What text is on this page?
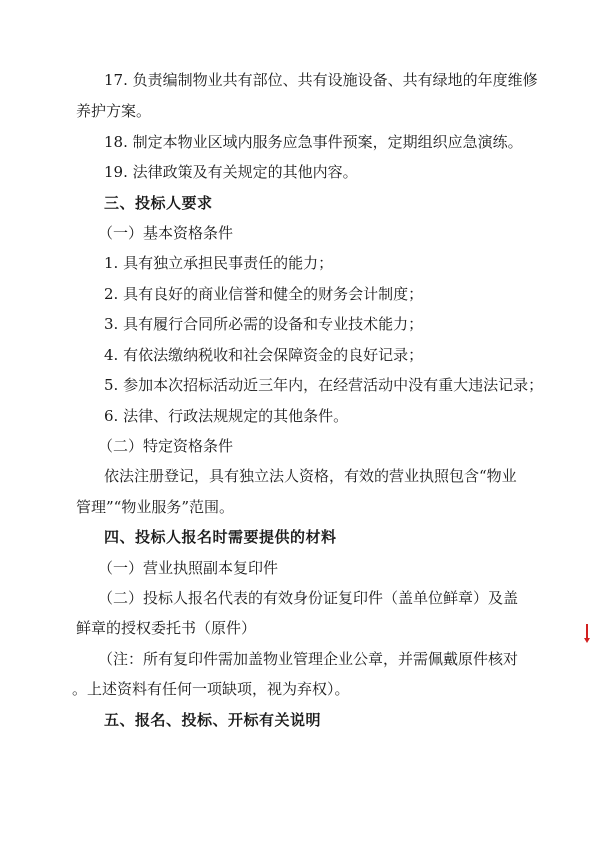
17. 负责编制物业共有部位、共有设施设备、共有绿地的年度维修
养护方案。
18. 制定本物业区域内服务应急事件预案，定期组织应急演练。
19. 法律政策及有关规定的其他内容。
三、投标人要求
（一）基本资格条件
1. 具有独立承担民事责任的能力；
2. 具有良好的商业信誉和健全的财务会计制度；
3. 具有履行合同所必需的设备和专业技术能力；
4. 有依法缴纳税收和社会保障资金的良好记录；
5. 参加本次招标活动近三年内，在经营活动中没有重大违法记录；
6. 法律、行政法规规定的其他条件。
（二）特定资格条件
依法注册登记，具有独立法人资格，有效的营业执照包含“物业
管理”“物业服务”范围。
四、投标人报名时需要提供的材料
（一）营业执照副本复印件
（二）投标人报名代表的有效身份证复印件（盖单位鲜章）及盖
鲜章的授权委托书（原件）
（注：所有复印件需加盖物业管理企业公章，并需佩戴原件核对
。上述资料有任何一项缺项，视为弃权）。
五、报名、投标、开标有关说明
